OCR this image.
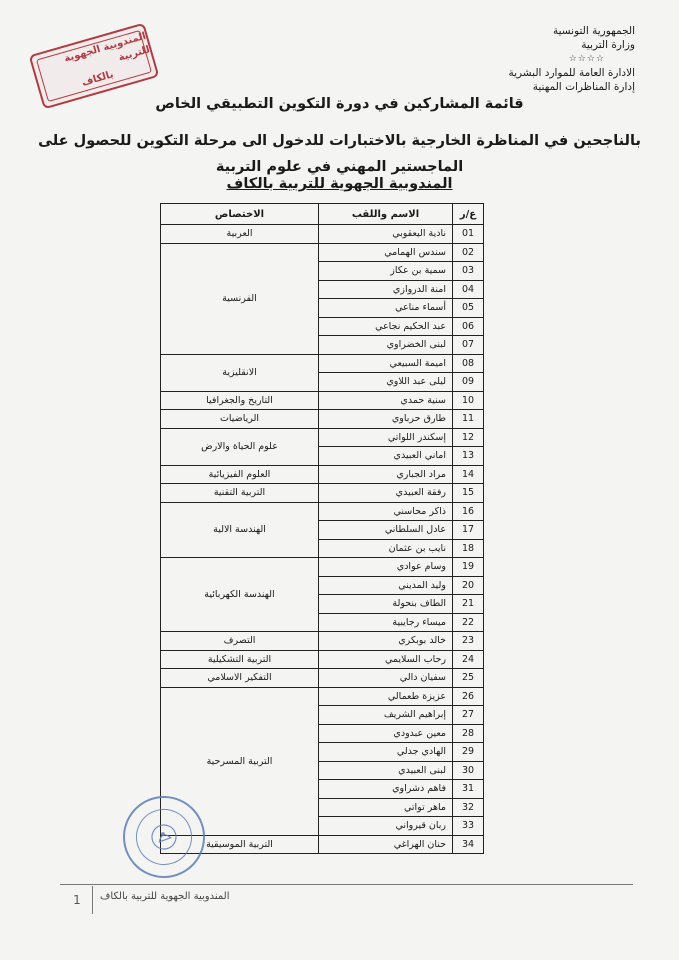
الجمهورية التونسية
وزارة التربية
☆☆☆☆
الادارة العامة للموارد البشرية
إدارة المناظرات المهنية
المندوبية الجهوية للتربية
بالكاف
قائمة المشاركين في دورة التكوين التطبيقي الخاص
بالناجحين في المناظرة الخارجية بالاختبارات للدخول الى مرحلة التكوين للحصول على الماجستير المهني في علوم التربية
المندوبية الجهوية للتربية بالكاف
ع/ر	الاسم واللقب	الاختصاص
01	نادية اليعقوبي	العربية
02	سندس الهمامي	الفرنسية
03	سمية بن عكاز	
04	امنة الدروازي	
05	أسماء مناعي	
06	عبد الحكيم نجاعي	
07	لبنى الخضراوي	
08	اميمة السبيعي	الانقليزية
09	ليلى عبد اللاوي	
10	سنية حمدي	التاريخ والجغرافيا
11	طارق حرباوي	الرياضيات
12	إسكندر اللواتي	علوم الحياة والارض
13	اماني العبيدي	
14	مراد الجباري	العلوم الفيزيائية
15	رفقة العبيدي	التربية التقنية
16	ذاكر محاسني	الهندسة الالية
17	عادل السلطاني	
18	نايب بن عثمان	
19	وسام عوادي	الهندسة الكهربائية
20	وليد المديني	
21	الطاف بنحولة	
22	ميساء رجايبية	
23	خالد بوبكري	التصرف
24	رحاب السلايمي	التربية التشكيلية
25	سفيان دالي	التفكير الاسلامي
26	عزيزة طعمالي	التربية المسرحية
27	إبراهيم الشريف	
28	معين عبدودي	
29	الهادي جدلي	
30	لبنى العبيدي	
31	فاهم دشراوي	
32	ماهر تواتي	
33	ربان قيرواني	
34	حنان الهراغي	التربية الموسيقية
1	المندوبية الجهوية للتربية بالكاف
